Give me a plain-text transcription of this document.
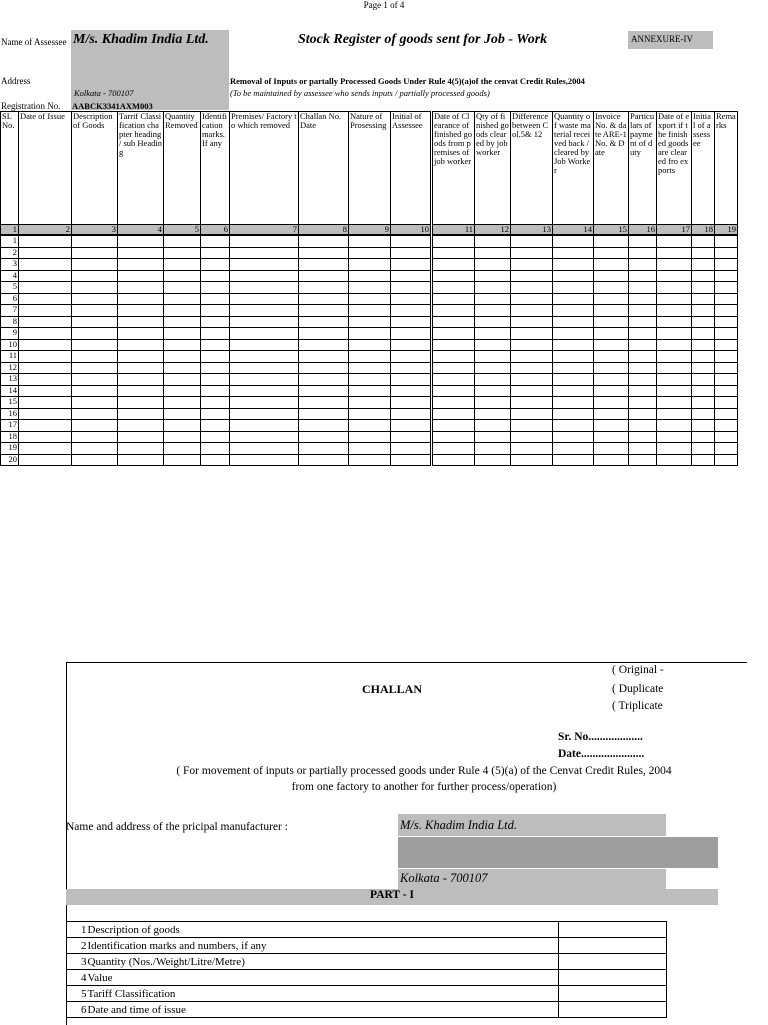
Page 1 of 4
Name of Assessee M/s. Khadim India Ltd.	Stock Register of goods sent for Job - Work	ANNEXURE-IV
Address	Removal of Inputs or partally Processed Goods Under Rule 4(5)(a)of the cenvat Credit Rules,2004
(To be maintained by assessee who sends inputs / partially processed goods)
Kolkata - 700107
Registration No. AABCK3341AXM003
SL No.	Date of Issue	Description of Goods	Tarrif Classification chapter heading / sub Heading	Quantity Removed	Identification marks. If any	Premises/ Factory to which removed	Challan No. Date	Nature of Prosessing	Initial of Assessee	Date of Clearance of finished goods from premises of job worker	Qty of finished goods cleared by job worker	Difference between Col.5& 12	Quantity of waste material received back / cleared by Job Worker	Invoice No. & date ARE-1 No. & Date	Particulars of payment of duty	Date of export if the finished goods are cleared fro exports	Initial of assessee	Remarks
1	2	3	4	5	6	7	8	9	10	11	12	13	14	15	16	17	18	19
1																		
2																		
3																		
4																		
5																		
6																		
7																		
8																		
9																		
10																		
11																		
12																		
13																		
14																		
15																		
16																		
17																		
18																		
19																		
20																		
CHALLAN
( Original -
( Duplicate
( Triplicate
Sr. No...................
Date......................
( For movement of inputs or partially processed goods under Rule 4 (5)(a) of the Cenvat Credit Rules, 2004
from one factory to another for further process/operation)
Name and address of the pricipal manufacturer :	M/s. Khadim India Ltd.
Kolkata - 700107
PART - I
1	Description of goods	
2	Identification marks and numbers, if any	
3	Quantity (Nos./Weight/Litre/Metre)	
4	Value	
5	Tariff Classification	
6	Date and time of issue	
